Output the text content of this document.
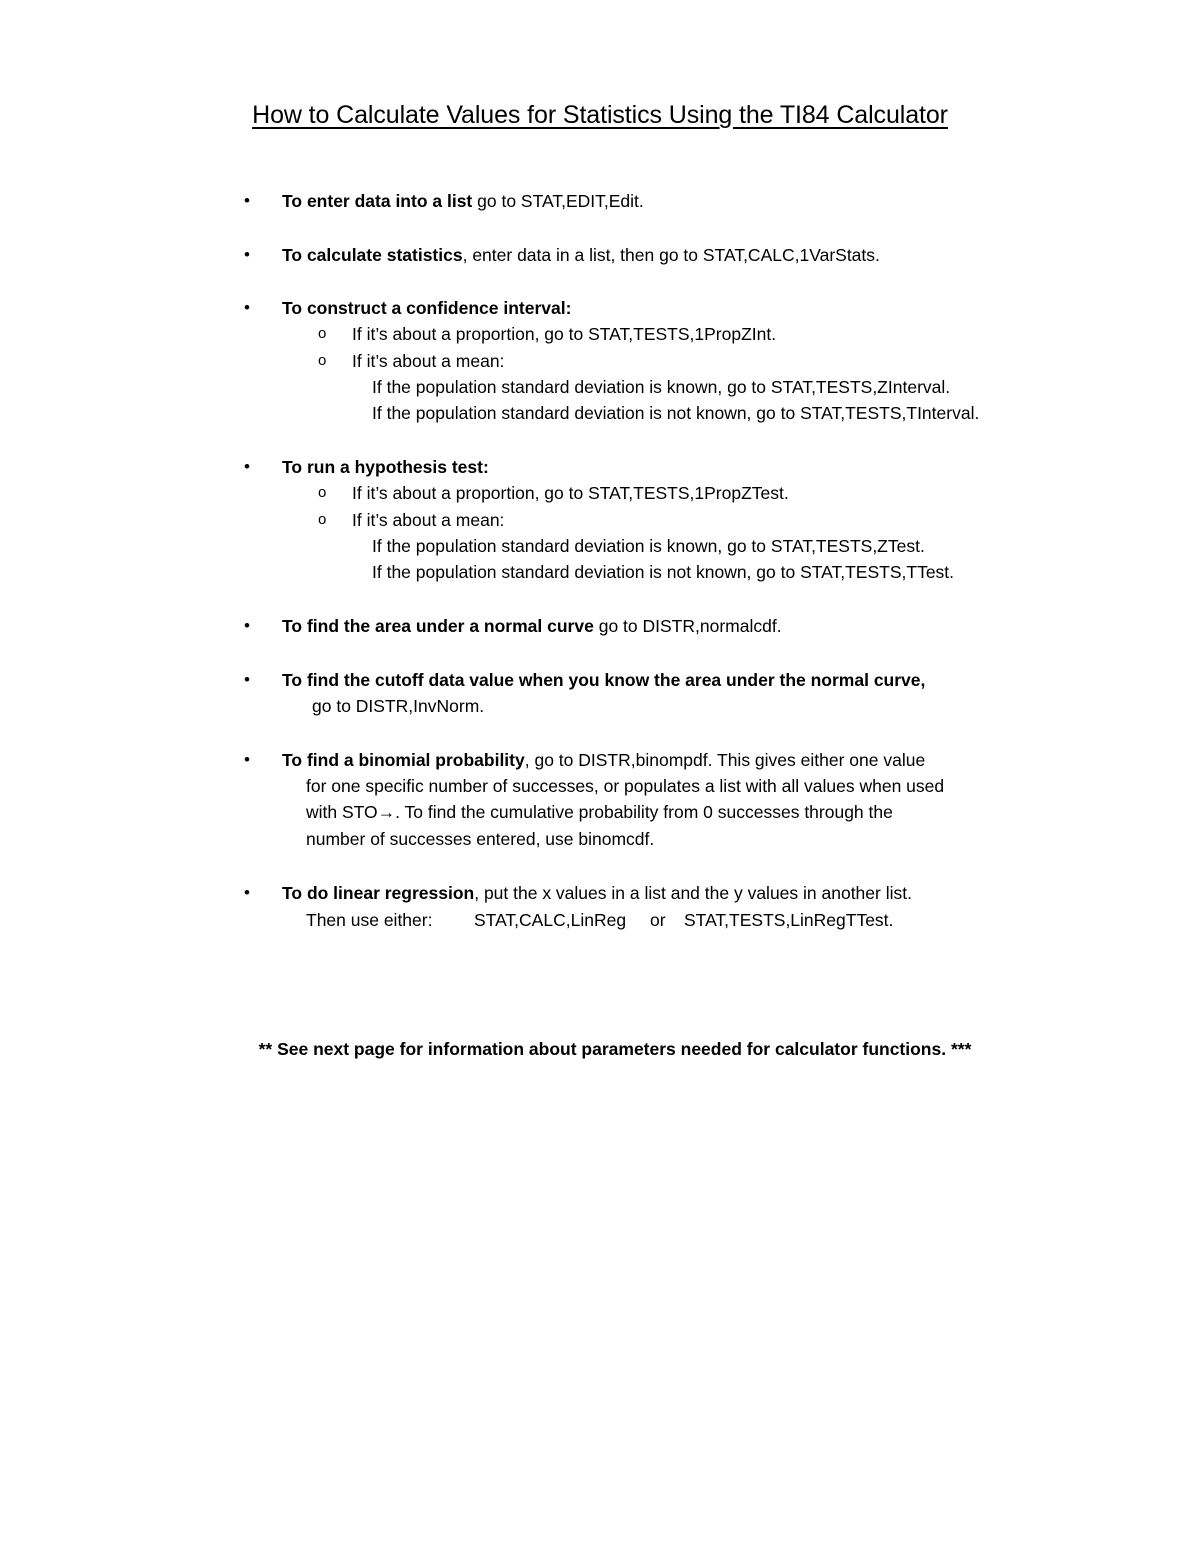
How to Calculate Values for Statistics Using the TI84 Calculator
• To enter data into a list go to STAT,EDIT,Edit.
• To calculate statistics, enter data in a list, then go to STAT,CALC,1VarStats.
• To construct a confidence interval:
o If it’s about a proportion, go to STAT,TESTS,1PropZInt.
o If it’s about a mean:
If the population standard deviation is known, go to STAT,TESTS,ZInterval.
If the population standard deviation is not known, go to STAT,TESTS,TInterval.
• To run a hypothesis test:
o If it’s about a proportion, go to STAT,TESTS,1PropZTest.
o If it’s about a mean:
If the population standard deviation is known, go to STAT,TESTS,ZTest.
If the population standard deviation is not known, go to STAT,TESTS,TTest.
• To find the area under a normal curve go to DISTR,normalcdf.
• To find the cutoff data value when you know the area under the normal curve,
go to DISTR,InvNorm.
• To find a binomial probability, go to DISTR,binompdf. This gives either one value
for one specific number of successes, or populates a list with all values when used
with STO→. To find the cumulative probability from 0 successes through the
number of successes entered, use binomcdf.
• To do linear regression, put the x values in a list and the y values in another list.
Then use either: STAT,CALC,LinReg or STAT,TESTS,LinRegTTest.
** See next page for information about parameters needed for calculator functions. ***
